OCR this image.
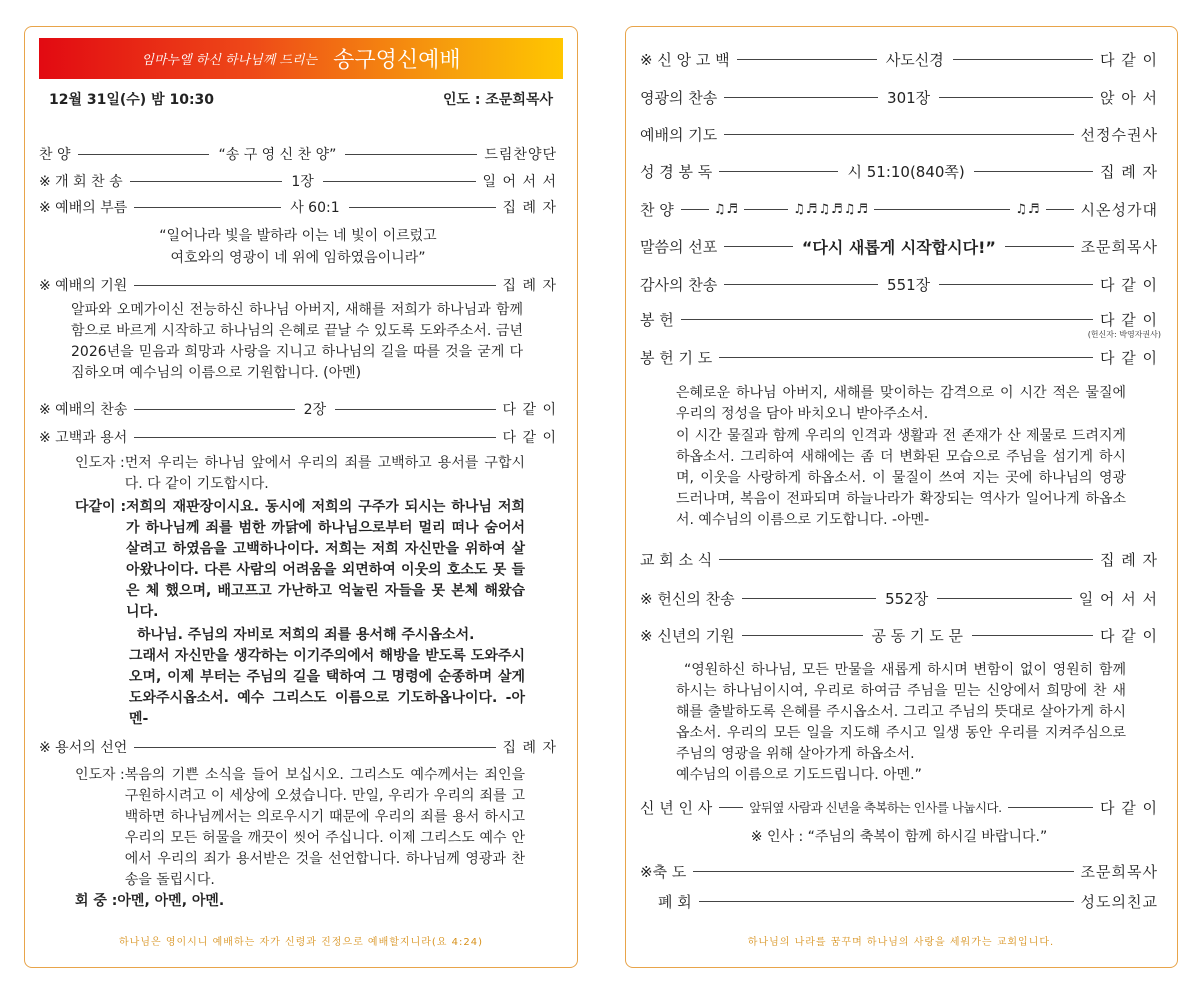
임마누엘 하신 하나님께 드리는 송구영신예배
12월 31일(수) 밤 10:30	인도 : 조문희목사
찬 양	“송 구 영 신 찬 양”	드림찬양단
※ 개 회 찬 송	1장	일 어 서 서
※ 예배의 부름	사 60:1	집 례 자
“일어나라 빛을 발하라 이는 네 빛이 이르렀고
여호와의 영광이 네 위에 임하였음이니라”
※ 예배의 기원	집 례 자
알파와 오메가이신 전능하신 하나님 아버지, 새해를 저희가 하나님과 함께 함으로 바르게 시작하고 하나님의 은혜로 끝날 수 있도록 도와주소서. 금년 2026년을 믿음과 희망과 사랑을 지니고 하나님의 길을 따를 것을 굳게 다짐하오며 예수님의 이름으로 기원합니다. (아멘)
※ 예배의 찬송	2장	다 같 이
※ 고백과 용서	다 같 이
인도자 : 먼저 우리는 하나님 앞에서 우리의 죄를 고백하고 용서를 구합시다. 다 같이 기도합시다.
다같이 : 저희의 재판장이시요. 동시에 저희의 구주가 되시는 하나님 저희가 하나님께 죄를 범한 까닭에 하나님으로부터 멀리 떠나 숨어서 살려고 하였음을 고백하나이다. 저희는 저희 자신만을 위하여 살아왔나이다. 다른 사람의 어려움을 외면하여 이웃의 호소도 못 들은 체 했으며, 배고프고 가난하고 억눌린 자들을 못 본체 해왔습니다.
하나님. 주님의 자비로 저희의 죄를 용서해 주시옵소서.
그래서 자신만을 생각하는 이기주의에서 해방을 받도록 도와주시오며, 이제 부터는 주님의 길을 택하여 그 명령에 순종하며 살게 도와주시옵소서. 예수 그리스도 이름으로 기도하옵나이다. -아멘-
※ 용서의 선언	집 례 자
인도자 : 복음의 기쁜 소식을 들어 보십시오. 그리스도 예수께서는 죄인을 구원하시려고 이 세상에 오셨습니다. 만일, 우리가 우리의 죄를 고백하면 하나님께서는 의로우시기 때문에 우리의 죄를 용서 하시고 우리의 모든 허물을 깨끗이 씻어 주십니다. 이제 그리스도 예수 안에서 우리의 죄가 용서받은 것을 선언합니다. 하나님께 영광과 찬송을 돌립시다.
회 중 : 아멘, 아멘, 아멘.
하나님은 영이시니 예배하는 자가 신령과 진정으로 예배할지니라(요 4:24)
※ 신 앙 고 백	사도신경	다 같 이
영광의 찬송	301장	앉 아 서
예배의 기도	선정수권사
성 경 봉 독	시 51:10(840쪽)	집 례 자
찬 양	♫♬	♫♬♫♬♫♬	♫♬	시온성가대
말씀의 선포	“다시 새롭게 시작합시다!”	조문희목사
감사의 찬송	551장	다 같 이
봉 헌	다 같 이
(헌신자: 박영자권사)
봉 헌 기 도	다 같 이
은혜로운 하나님 아버지, 새해를 맞이하는 감격으로 이 시간 적은 물질에 우리의 정성을 담아 바치오니 받아주소서.
이 시간 물질과 함께 우리의 인격과 생활과 전 존재가 산 제물로 드려지게 하옵소서. 그리하여 새해에는 좀 더 변화된 모습으로 주님을 섬기게 하시며, 이웃을 사랑하게 하옵소서. 이 물질이 쓰여 지는 곳에 하나님의 영광 드러나며, 복음이 전파되며 하늘나라가 확장되는 역사가 일어나게 하옵소서. 예수님의 이름으로 기도합니다. -아멘-
교 회 소 식	집 례 자
※ 헌신의 찬송	552장	일 어 서 서
※ 신년의 기원	공 동 기 도 문	다 같 이
“영원하신 하나님, 모든 만물을 새롭게 하시며 변함이 없이 영원히 함께 하시는 하나님이시여, 우리로 하여금 주님을 믿는 신앙에서 희망에 찬 새해를 출발하도록 은혜를 주시옵소서. 그리고 주님의 뜻대로 살아가게 하시옵소서. 우리의 모든 일을 지도해 주시고 일생 동안 우리를 지켜주심으로 주님의 영광을 위해 살아가게 하옵소서.
예수님의 이름으로 기도드립니다. 아멘.”
신 년 인 사	앞뒤옆 사람과 신년을 축복하는 인사를 나눕시다.	다 같 이
※ 인사 : “주님의 축복이 함께 하시길 바랍니다.”
※축 도	조문희목사
폐 회	성도의친교
하나님의 나라를 꿈꾸며 하나님의 사랑을 세워가는 교회입니다.
